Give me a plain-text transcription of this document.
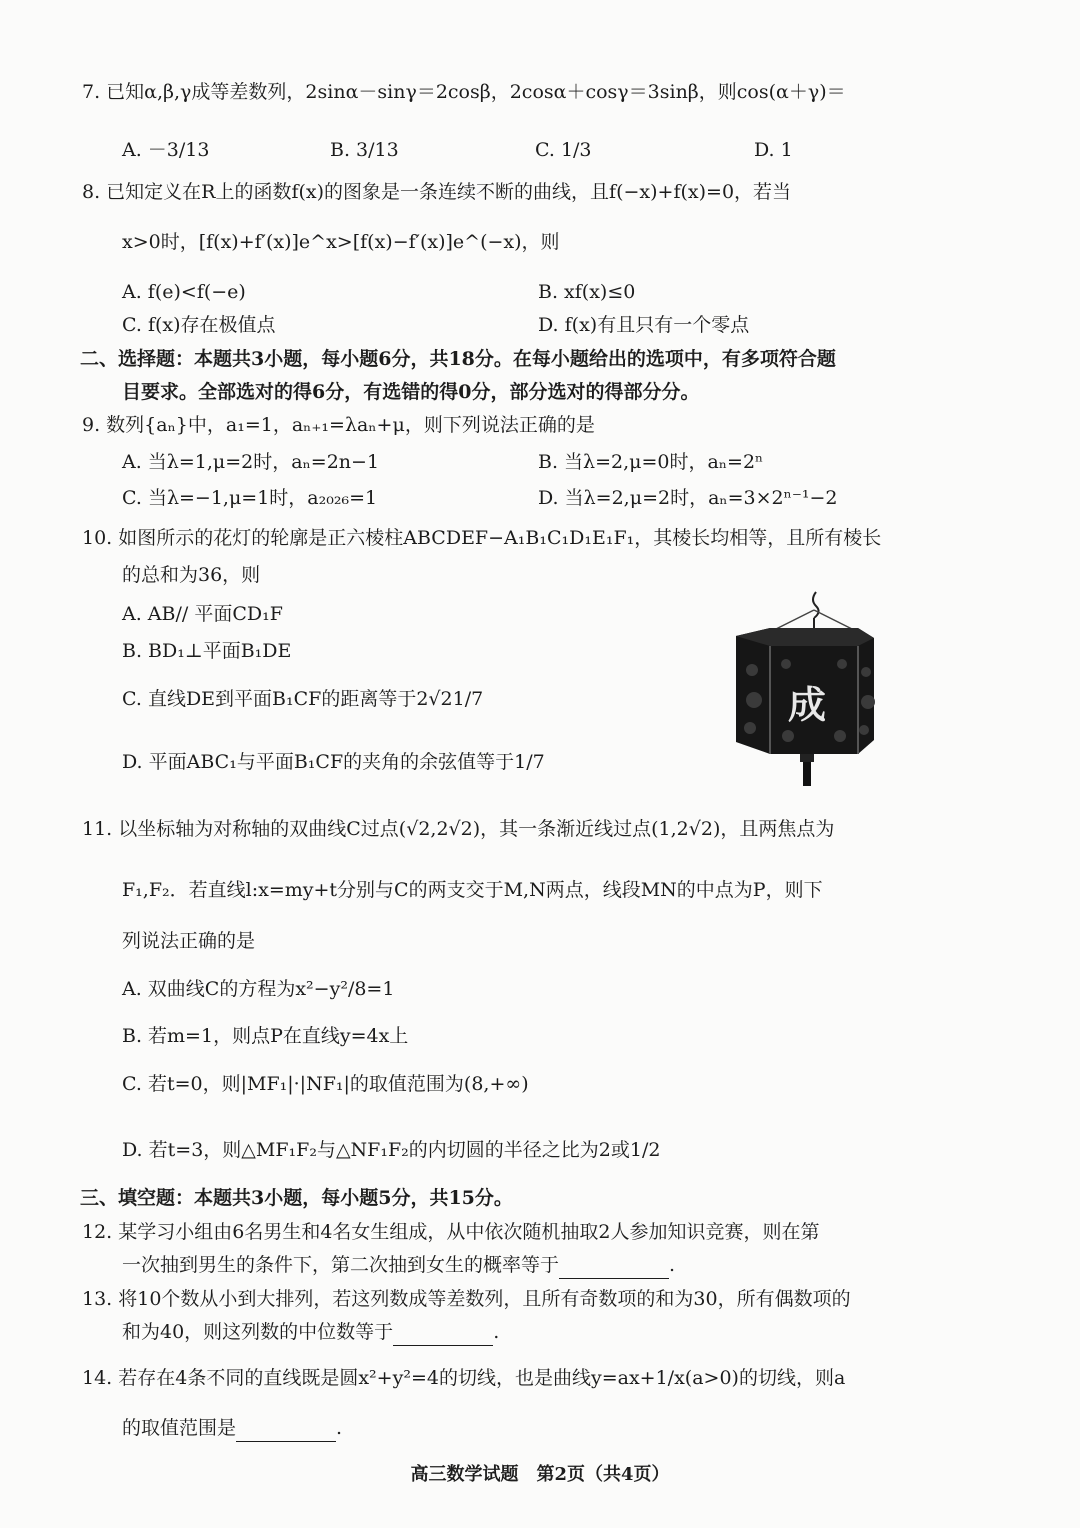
7. 已知α,β,γ成等差数列，2sinα－sinγ＝2cosβ，2cosα＋cosγ＝3sinβ，则cos(α＋γ)＝
A. －3/13	B. 3/13	C. 1/3	D. 1
8. 已知定义在R上的函数f(x)的图象是一条连续不断的曲线，且f(−x)+f(x)=0，若当
x>0时，[f(x)+f′(x)]e^x>[f(x)−f′(x)]e^(−x)，则
A. f(e)<f(−e)	B. xf(x)≤0
C. f(x)存在极值点	D. f(x)有且只有一个零点
二、选择题：本题共3小题，每小题6分，共18分。在每小题给出的选项中，有多项符合题
目要求。全部选对的得6分，有选错的得0分，部分选对的得部分分。
9. 数列{aₙ}中，a₁=1，aₙ₊₁=λaₙ+μ，则下列说法正确的是
A. 当λ=1,μ=2时，aₙ=2n−1	B. 当λ=2,μ=0时，aₙ=2ⁿ
C. 当λ=−1,μ=1时，a₂₀₂₆=1	D. 当λ=2,μ=2时，aₙ=3×2ⁿ⁻¹−2
10. 如图所示的花灯的轮廓是正六棱柱ABCDEF−A₁B₁C₁D₁E₁F₁，其棱长均相等，且所有棱长
的总和为36，则
A. AB// 平面CD₁F
B. BD₁⊥平面B₁DE
C. 直线DE到平面B₁CF的距离等于2√21/7
D. 平面ABC₁与平面B₁CF的夹角的余弦值等于1/7
成
11. 以坐标轴为对称轴的双曲线C过点(√2,2√2)，其一条渐近线过点(1,2√2)，且两焦点为
F₁,F₂．若直线l:x=my+t分别与C的两支交于M,N两点，线段MN的中点为P，则下
列说法正确的是
A. 双曲线C的方程为x²−y²/8=1
B. 若m=1，则点P在直线y=4x上
C. 若t=0，则|MF₁|·|NF₁|的取值范围为(8,+∞)
D. 若t=3，则△MF₁F₂与△NF₁F₂的内切圆的半径之比为2或1/2
三、填空题：本题共3小题，每小题5分，共15分。
12. 某学习小组由6名男生和4名女生组成，从中依次随机抽取2人参加知识竞赛，则在第
一次抽到男生的条件下，第二次抽到女生的概率等于	.
13. 将10个数从小到大排列，若这列数成等差数列，且所有奇数项的和为30，所有偶数项的
和为40，则这列数的中位数等于	.
14. 若存在4条不同的直线既是圆x²+y²=4的切线，也是曲线y=ax+1/x(a>0)的切线，则a
的取值范围是	.
高三数学试题　第2页（共4页）
